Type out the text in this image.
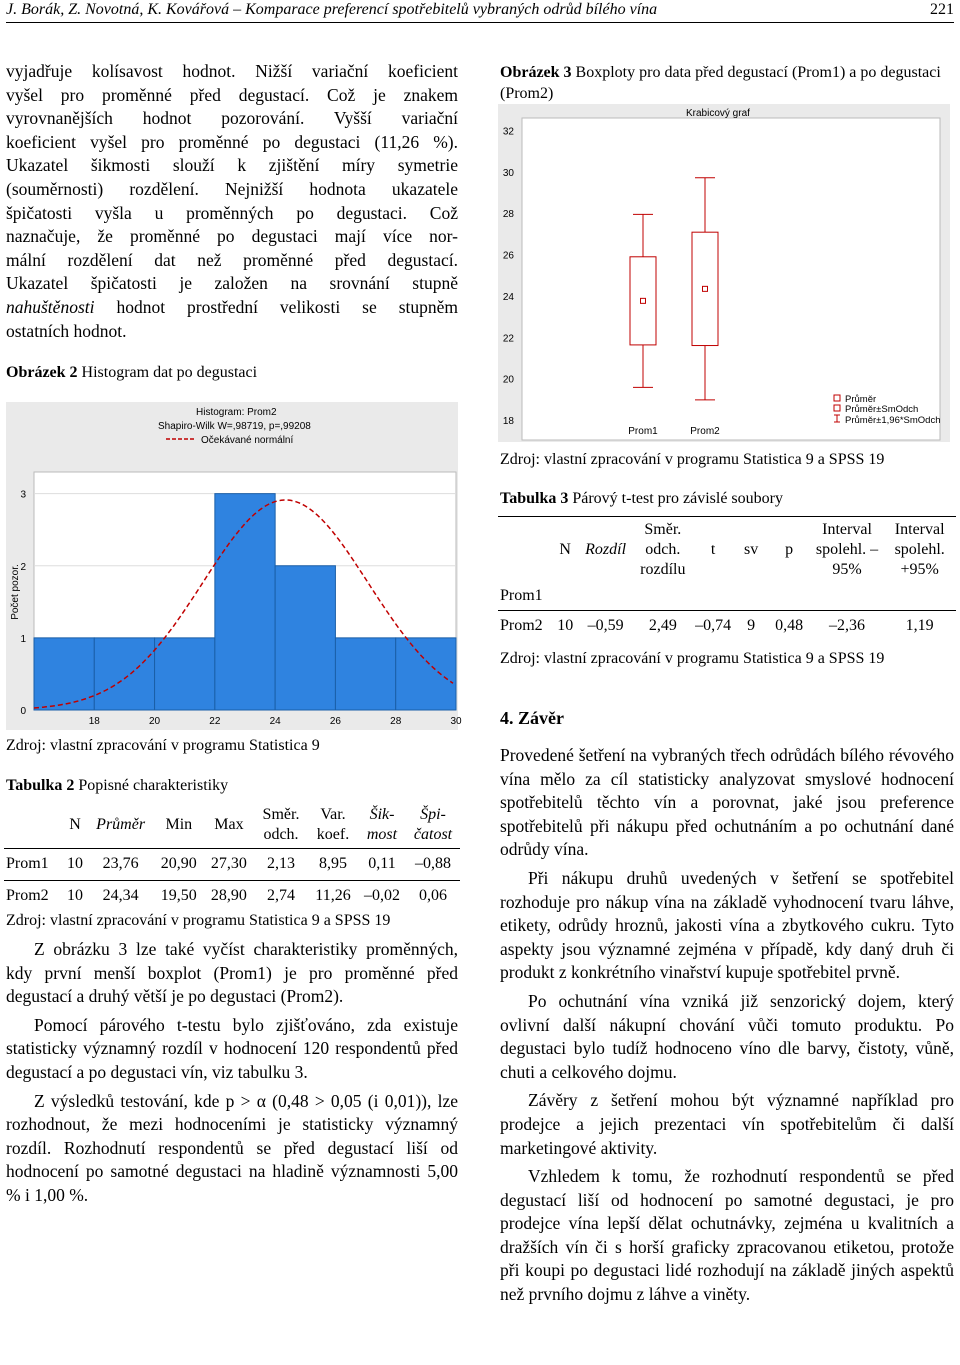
J. Borák, Z. Novotná, K. Kovářová – Komparace preferencí spotřebitelů vybraných odrůd bílého vína	221
vyjadřuje kolísavost hodnot. Nižší variační koeficient
vyšel pro proměnné před degustací. Což je znakem
vyrovnanějších hodnot pozorování. Vyšší variační
koeficient vyšel pro proměnné po degustaci (11,26 %).
Ukazatel šikmosti slouží k zjištění míry symetrie
(souměrnosti) rozdělení. Nejnižší hodnota ukazatele
špičatosti vyšla u proměnných po degustaci. Což
naznačuje, že proměnné po degustaci mají více nor-
mální rozdělení dat než proměnné před degustací.
Ukazatel špičatosti je založen na srovnání stupně
nahuštěnosti hodnot prostřední velikosti se stupněm
ostatních hodnot.
Obrázek 2 Histogram dat po degustaci
Histogram: Prom2
Shapiro-Wilk W=,98719, p=,99208
Očekávané normální
Počet pozor.
18	20	22	24	26	28	30
0
1
2
3
Zdroj: vlastní zpracování v programu Statistica 9
Tabulka 2 Popisné charakteristiky
	N	Průměr	Min	Max	Směr. odch.	Var. koef.	Šik-most	Špi-čatost
Prom1	10	23,76	20,90	27,30	2,13	8,95	0,11	–0,88
Prom2	10	24,34	19,50	28,90	2,74	11,26	–0,02	0,06
Zdroj: vlastní zpracování v programu Statistica 9 a SPSS 19

Z obrázku 3 lze také vyčíst charakteristiky proměnných, kdy první menší boxplot (Prom1) je pro proměnné před degustací a druhý větší je po degustaci (Prom2).

Pomocí párového t-testu bylo zjišťováno, zda existuje statisticky významný rozdíl v hodnocení 120 respondentů před degustací a po degustaci vín, viz tabulku 3.

Z výsledků testování, kde p > α (0,48 > 0,05 (i 0,01)), lze rozhodnout, že mezi hodnoceními je statisticky významný rozdíl. Rozhodnutí respondentů se před degustací liší od hodnocení po samotné degustaci na hladině významnosti 5,00 % i 1,00 %.

Obrázek 3 Boxploty pro data před degustací (Prom1) a po degustaci (Prom2)
Krabicový graf
18
20
22
24
26
28
30
32
Prom1	Prom2
Průměr
Průměr±SmOdch
Průměr±1,96*SmOdch
Zdroj: vlastní zpracování v programu Statistica 9 a SPSS 19
Tabulka 3 Párový t-test pro závislé soubory
	N	Rozdíl	Směr. odch. rozdílu	t	sv	p	Interval spolehl. –95%	Interval spolehl. +95%
Prom1								
Prom2	10	–0,59	2,49	–0,74	9	0,48	–2,36	1,19
Zdroj: vlastní zpracování v programu Statistica 9 a SPSS 19
4. Závěr

Provedené šetření na vybraných třech odrůdách bílého révového vína mělo za cíl statisticky analyzovat smyslové hodnocení spotřebitelů těchto vín a porovnat, jaké jsou preference spotřebitelů při nákupu před ochutnáním a po ochutnání dané odrůdy vína.

Při nákupu druhů uvedených v šetření se spotřebitel rozhoduje pro nákup vína na základě vyhodnocení tvaru láhve, etikety, odrůdy hroznů, jakosti vína a zbytkového cukru. Tyto aspekty jsou významné zejména v případě, kdy daný druh či produkt z konkrétního vinařství kupuje spotřebitel prvně.

Po ochutnání vína vzniká již senzorický dojem, který ovlivní další nákupní chování vůči tomuto produktu. Po degustaci bylo tudíž hodnoceno víno dle barvy, čistoty, vůně, chuti a celkového dojmu.

Závěry z šetření mohou být významné například pro prodejce a jejich prezentaci vín spotřebitelům či další marketingové aktivity.

Vzhledem k tomu, že rozhodnutí respondentů se před degustací liší od hodnocení po samotné degustaci, je pro prodejce vína lepší dělat ochutnávky, zejména u kvalitních a dražších vín či s horší graficky zpracovanou etiketou, protože při koupi po degustaci lidé rozhodují na základě jiných aspektů než prvního dojmu z láhve a viněty.
